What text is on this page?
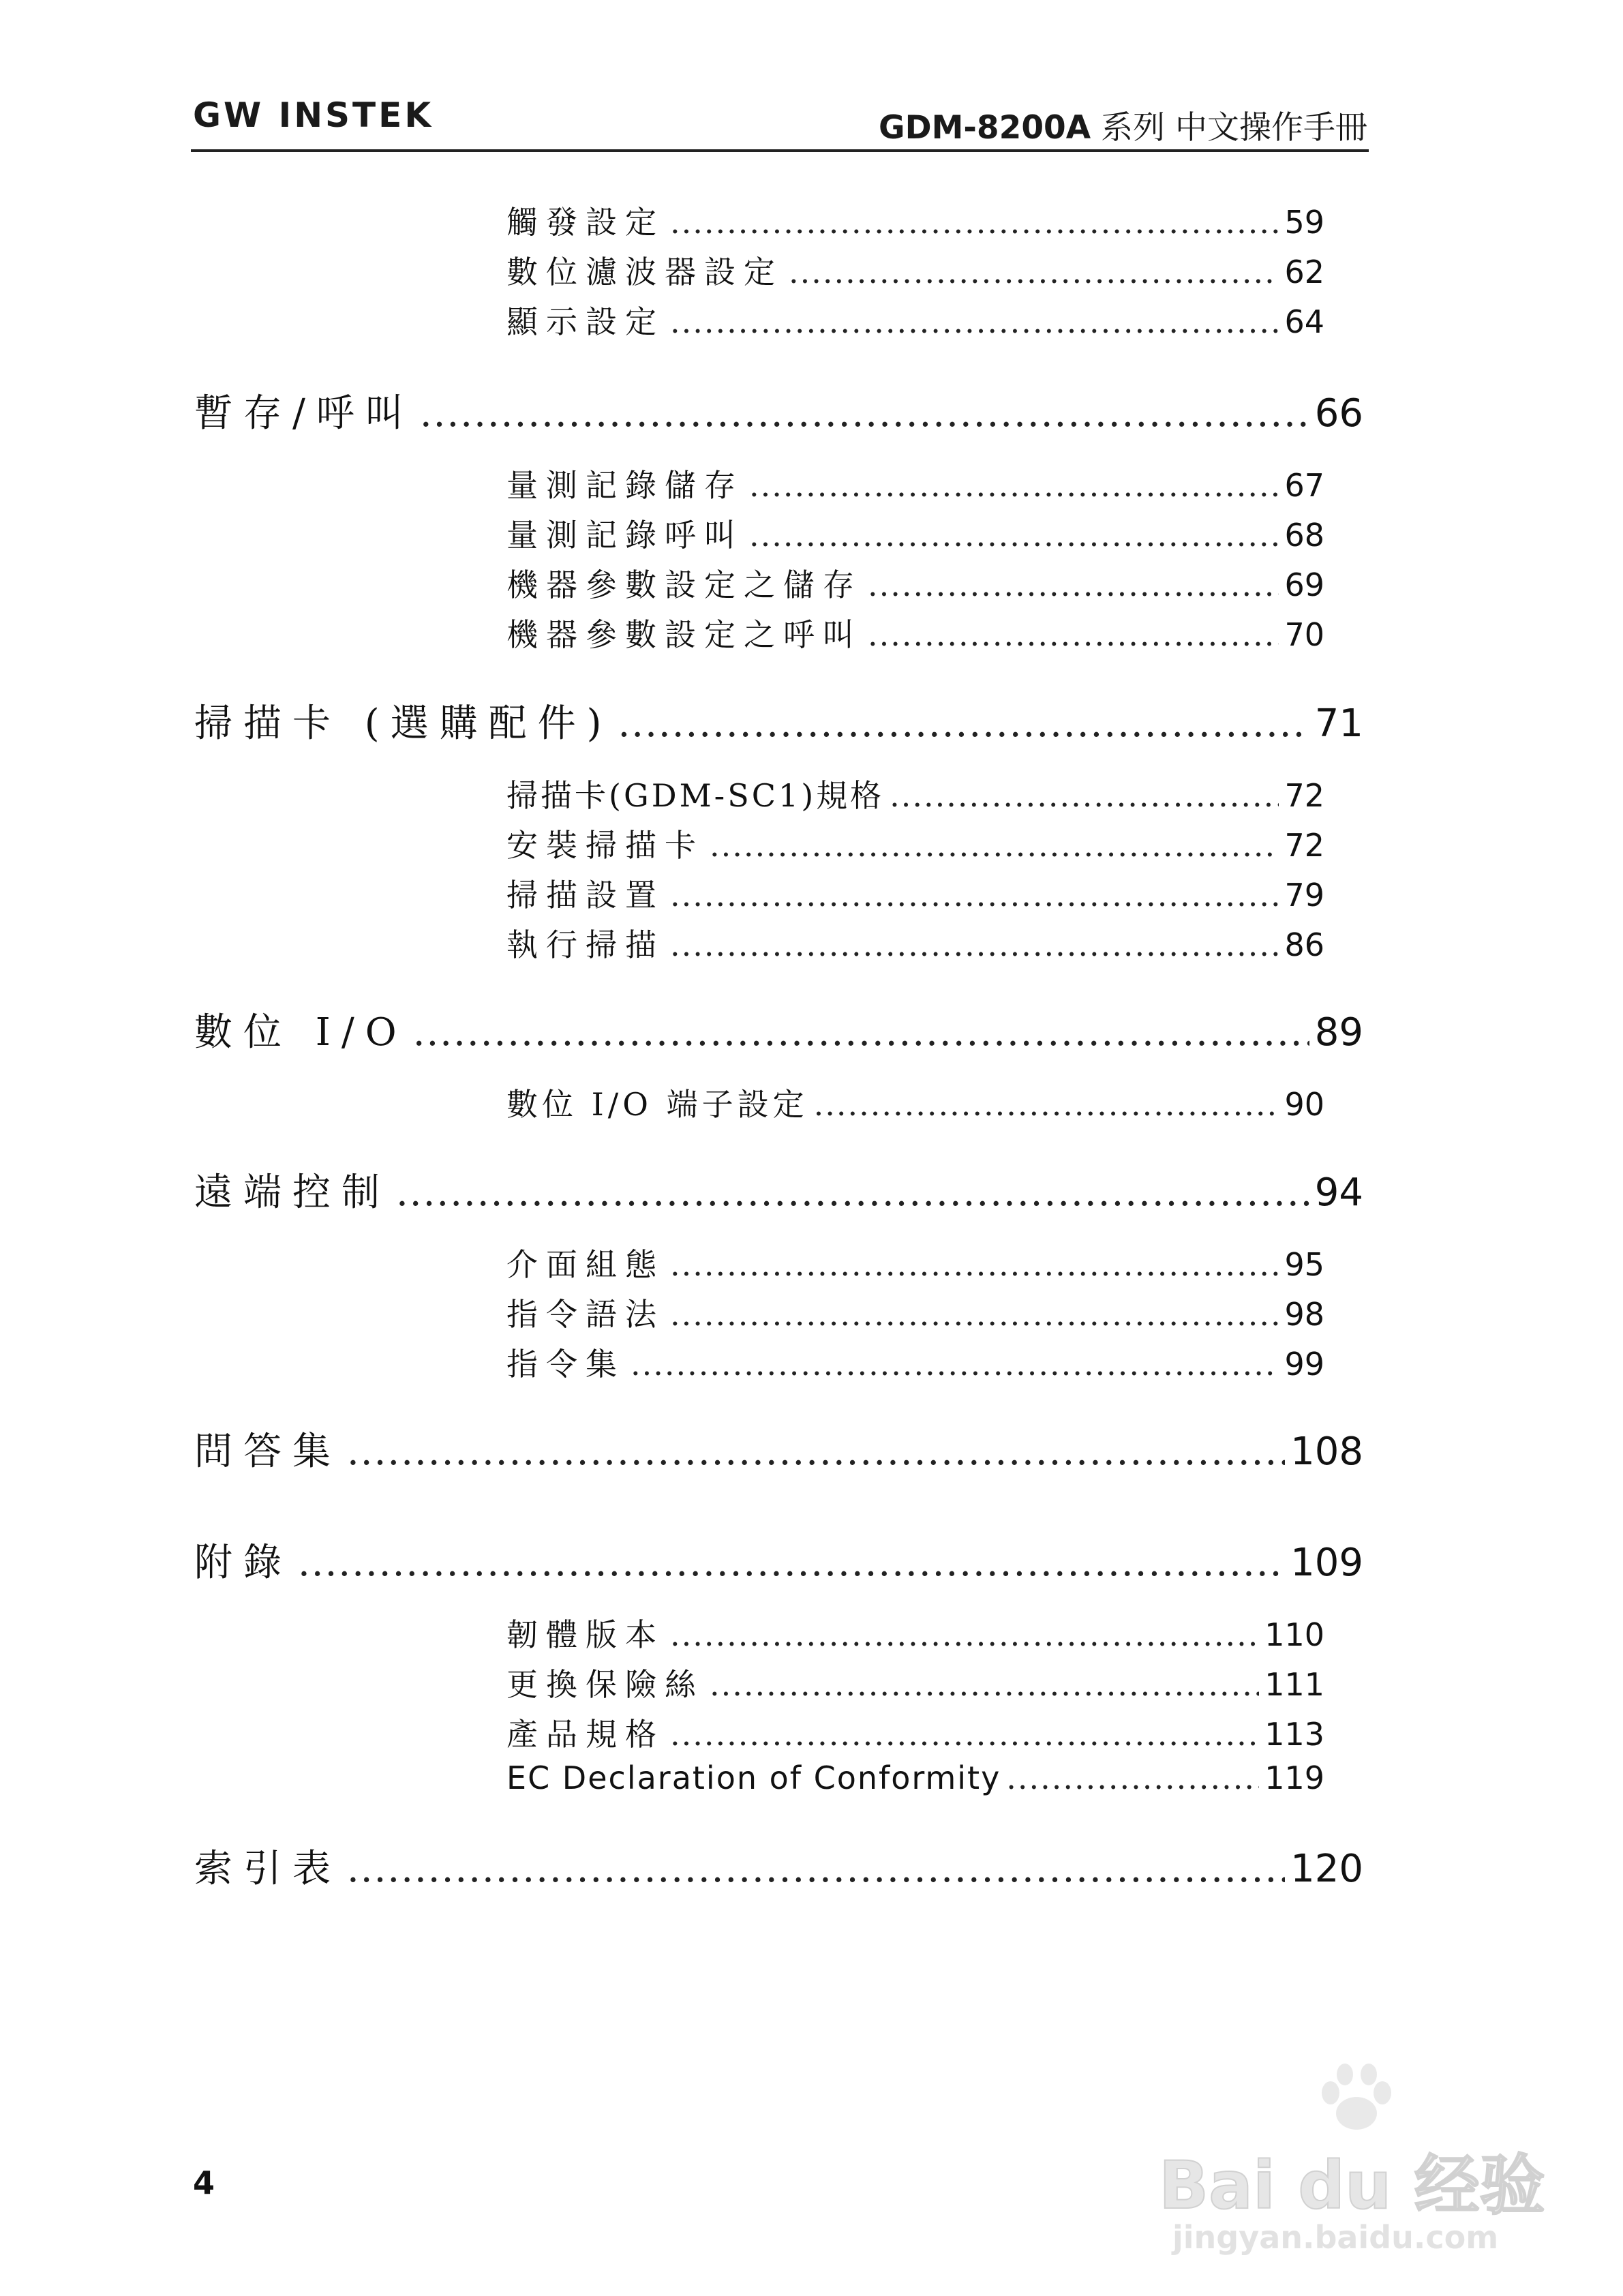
GW INSTEK	GDM-8200A 系列 中文操作手冊
觸發設定 .....	59
數位濾波器設定 .....	62
顯示設定 .....	64
暫存/呼叫 .....	66
量測記錄儲存 .....	67
量測記錄呼叫 .....	68
機器參數設定之儲存 .....	69
機器參數設定之呼叫 .....	70
掃描卡 (選購配件) .....	71
掃描卡(GDM-SC1)規格 .....	72
安裝掃描卡 .....	72
掃描設置 .....	79
執行掃描 .....	86
數位 I/O .....	89
數位 I/O 端子設定 .....	90
遠端控制 .....	94
介面組態 .....	95
指令語法 .....	98
指令集 .....	99
問答集 .....	108
附錄 .....	109
韌體版本 .....	110
更換保險絲 .....	111
產品規格 .....	113
EC Declaration of Conformity .....	119
索引表 .....	120
4	Bai du 经验
jingyan.baidu.com
